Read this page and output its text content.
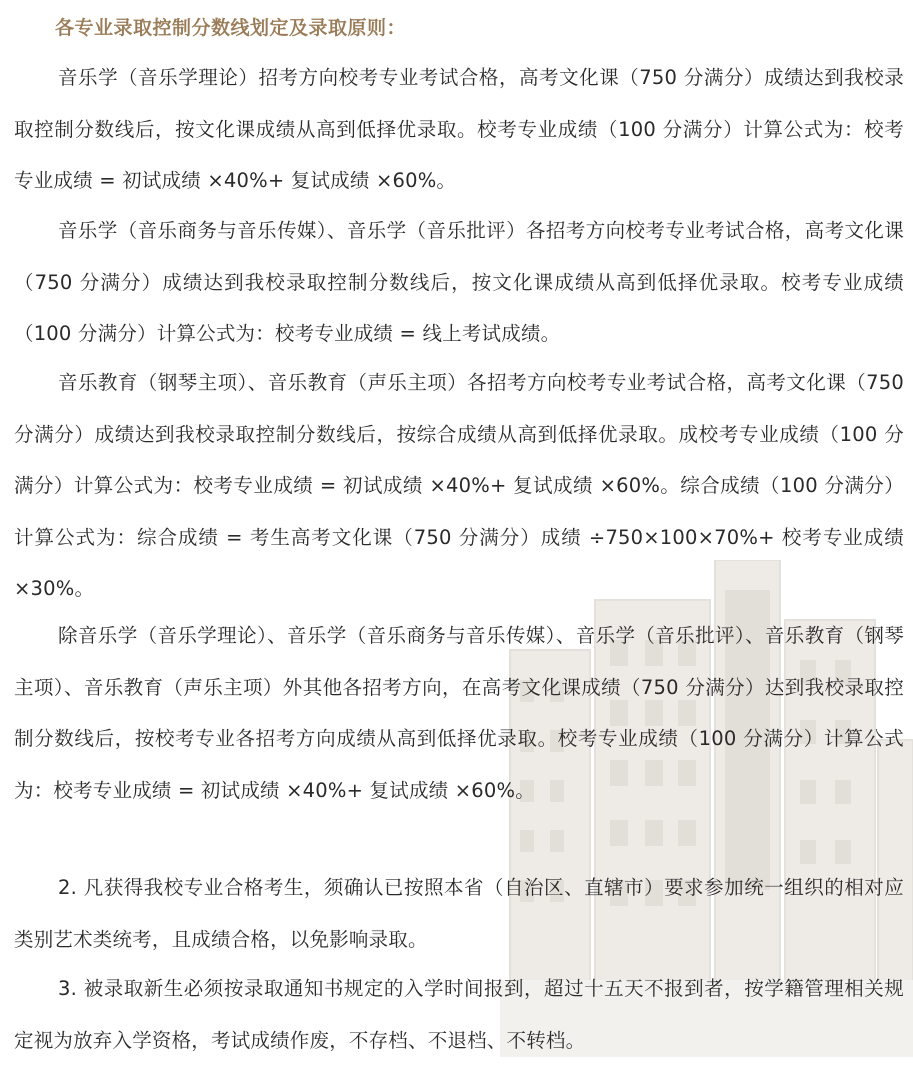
各专业录取控制分数线划定及录取原则：
音乐学（音乐学理论）招考方向校考专业考试合格，高考文化课（750 分满分）成绩达到我校录取控制分数线后，按文化课成绩从高到低择优录取。校考专业成绩（100 分满分）计算公式为：校考专业成绩 = 初试成绩 ×40%+ 复试成绩 ×60%。
音乐学（音乐商务与音乐传媒）、音乐学（音乐批评）各招考方向校考专业考试合格，高考文化课（750 分满分）成绩达到我校录取控制分数线后，按文化课成绩从高到低择优录取。校考专业成绩（100 分满分）计算公式为：校考专业成绩 = 线上考试成绩。
音乐教育（钢琴主项）、音乐教育（声乐主项）各招考方向校考专业考试合格，高考文化课（750 分满分）成绩达到我校录取控制分数线后，按综合成绩从高到低择优录取。成校考专业成绩（100 分满分）计算公式为：校考专业成绩 = 初试成绩 ×40%+ 复试成绩 ×60%。综合成绩（100 分满分）计算公式为：综合成绩 = 考生高考文化课（750 分满分）成绩 ÷750×100×70%+ 校考专业成绩 ×30%。
除音乐学（音乐学理论）、音乐学（音乐商务与音乐传媒）、音乐学（音乐批评）、音乐教育（钢琴主项）、音乐教育（声乐主项）外其他各招考方向，在高考文化课成绩（750 分满分）达到我校录取控制分数线后，按校考专业各招考方向成绩从高到低择优录取。校考专业成绩（100 分满分）计算公式为：校考专业成绩 = 初试成绩 ×40%+ 复试成绩 ×60%。
2. 凡获得我校专业合格考生，须确认已按照本省（自治区、直辖市）要求参加统一组织的相对应类别艺术类统考，且成绩合格，以免影响录取。
3. 被录取新生必须按录取通知书规定的入学时间报到，超过十五天不报到者，按学籍管理相关规定视为放弃入学资格，考试成绩作废，不存档、不退档、不转档。
